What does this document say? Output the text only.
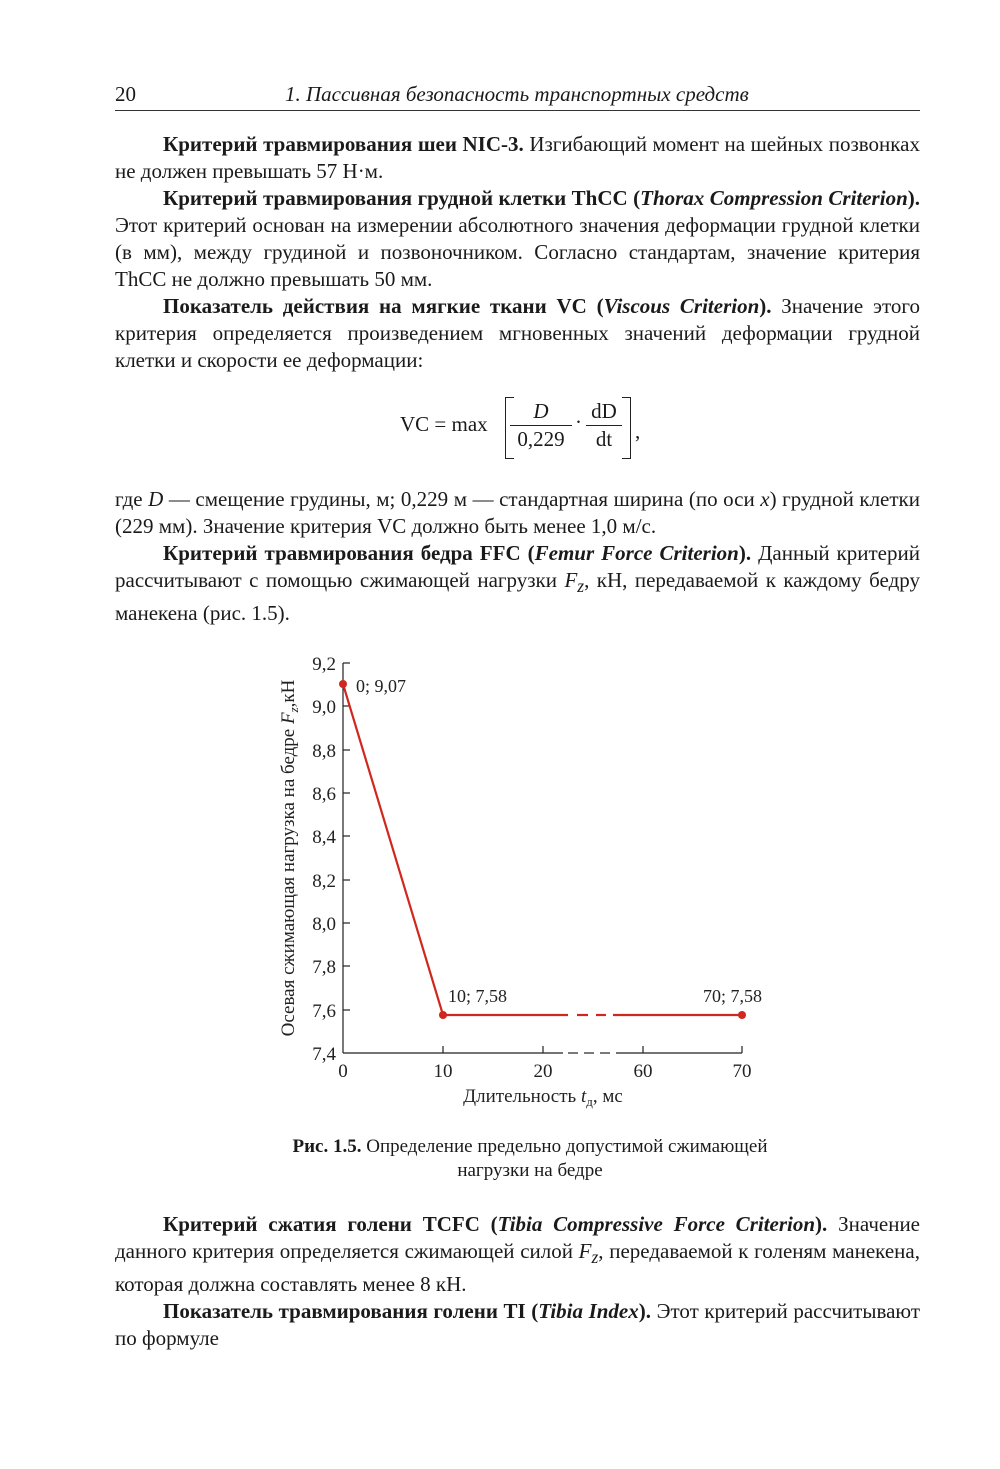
20	1. Пассивная безопасность транспортных средств

Критерий травмирования шеи NIC-3. Изгибающий момент на шейных позвонках не должен превышать 57 Н·м.

Критерий травмирования грудной клетки ThCC (Thorax Compression Criterion). Этот критерий основан на измерении абсолютного значения деформации грудной клетки (в мм), между грудиной и позвоночником. Согласно стандартам, значение критерия ThCC не должно превышать 50 мм.

Показатель действия на мягкие ткани VC (Viscous Criterion). Значение этого критерия определяется произведением мгновенных значений деформации грудной клетки и скорости ее деформации:

VC = max
D
0,229
· dD
dt	,

где D — смещение грудины, м; 0,229 м — стандартная ширина (по оси x) грудной клетки (229 мм). Значение критерия VC должно быть менее 1,0 м/с.

Критерий травмирования бедра FFC (Femur Force Criterion). Данный критерий рассчитывают с помощью сжимающей нагрузки $F_z$, кН, передаваемой к каждому бедру манекена (рис. 1.5).

9,2
9,0
8,8
8,6
8,4
8,2
8,0
7,8
7,6
7,4
0	10	20	60	70
Длительность $t_д$, мс
Осевая сжимающая нагрузка на бедре $F_z,кН$	0; 9,07
10; 7,58	70; 7,58
Рис. 1.5. Определение предельно допустимой сжимающей нагрузки на бедре

Критерий сжатия голени TCFC (Tibia Compressive Force Criterion). Значение данного критерия определяется сжимающей силой $F_z$, передаваемой к голеням манекена, которая должна составлять менее 8 кН.

Показатель травмирования голени TI (Tibia Index). Этот критерий рассчитывают по формуле
